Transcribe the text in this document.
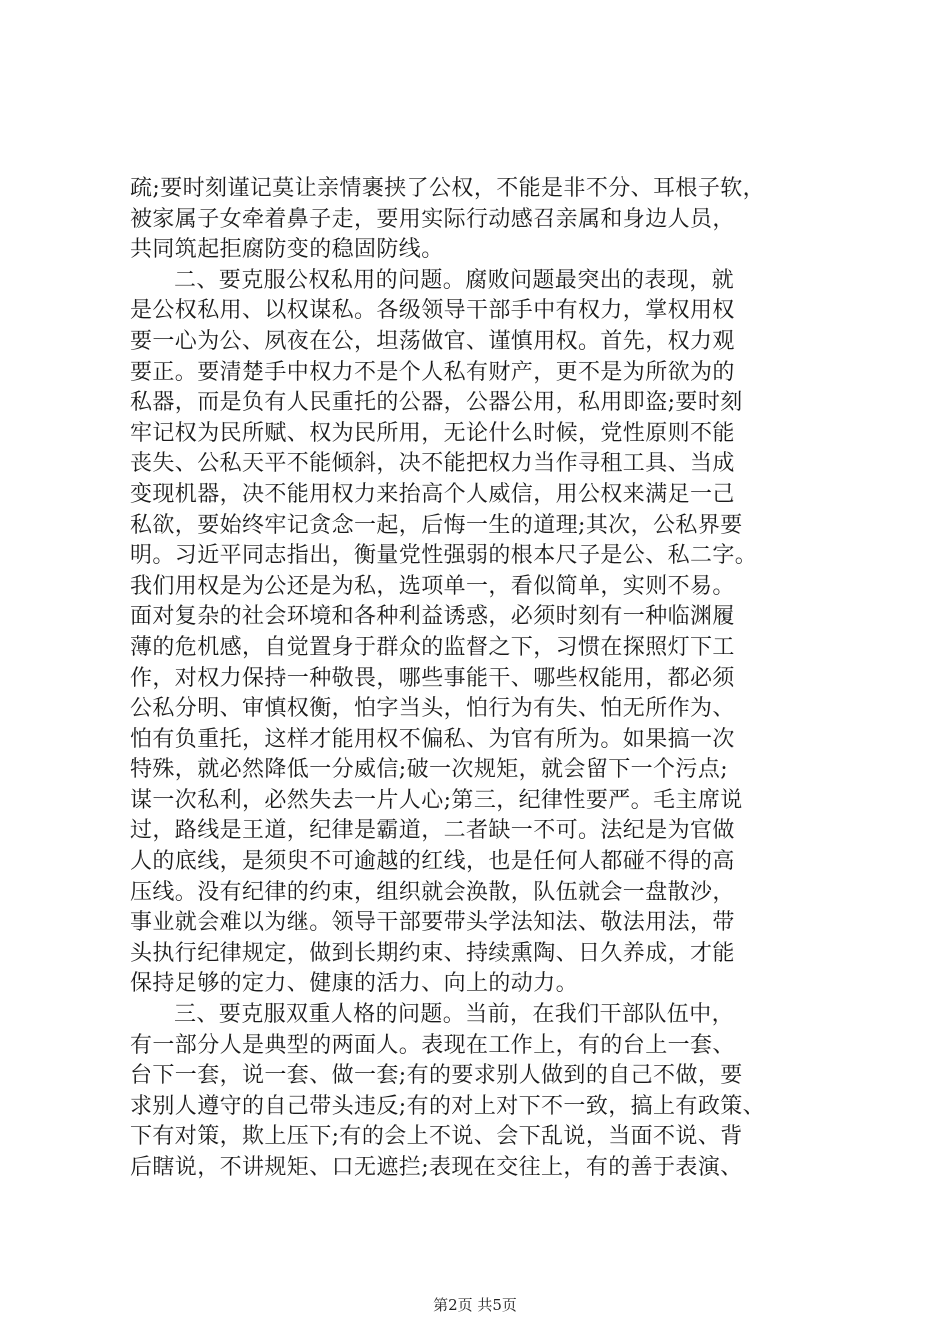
疏;要时刻谨记莫让亲情裹挟了公权，不能是非不分、耳根子软，
被家属子女牵着鼻子走，要用实际行动感召亲属和身边人员，
共同筑起拒腐防变的稳固防线。
二、要克服公权私用的问题。腐败问题最突出的表现，就
是公权私用、以权谋私。各级领导干部手中有权力，掌权用权
要一心为公、夙夜在公，坦荡做官、谨慎用权。首先，权力观
要正。要清楚手中权力不是个人私有财产，更不是为所欲为的
私器，而是负有人民重托的公器，公器公用，私用即盗;要时刻
牢记权为民所赋、权为民所用，无论什么时候，党性原则不能
丧失、公私天平不能倾斜，决不能把权力当作寻租工具、当成
变现机器，决不能用权力来抬高个人威信，用公权来满足一己
私欲，要始终牢记贪念一起，后悔一生的道理;其次，公私界要
明。习近平同志指出，衡量党性强弱的根本尺子是公、私二字。
我们用权是为公还是为私，选项单一，看似简单，实则不易。
面对复杂的社会环境和各种利益诱惑，必须时刻有一种临渊履
薄的危机感，自觉置身于群众的监督之下，习惯在探照灯下工
作，对权力保持一种敬畏，哪些事能干、哪些权能用，都必须
公私分明、审慎权衡，怕字当头，怕行为有失、怕无所作为、
怕有负重托，这样才能用权不偏私、为官有所为。如果搞一次
特殊，就必然降低一分威信;破一次规矩，就会留下一个污点;
谋一次私利，必然失去一片人心;第三，纪律性要严。毛主席说
过，路线是王道，纪律是霸道，二者缺一不可。法纪是为官做
人的底线，是须臾不可逾越的红线，也是任何人都碰不得的高
压线。没有纪律的约束，组织就会涣散，队伍就会一盘散沙，
事业就会难以为继。领导干部要带头学法知法、敬法用法，带
头执行纪律规定，做到长期约束、持续熏陶、日久养成，才能
保持足够的定力、健康的活力、向上的动力。
三、要克服双重人格的问题。当前，在我们干部队伍中，
有一部分人是典型的两面人。表现在工作上，有的台上一套、
台下一套，说一套、做一套;有的要求别人做到的自己不做，要
求别人遵守的自己带头违反;有的对上对下不一致，搞上有政策、
下有对策，欺上压下;有的会上不说、会下乱说，当面不说、背
后瞎说，不讲规矩、口无遮拦;表现在交往上，有的善于表演、
第2页 共5页
